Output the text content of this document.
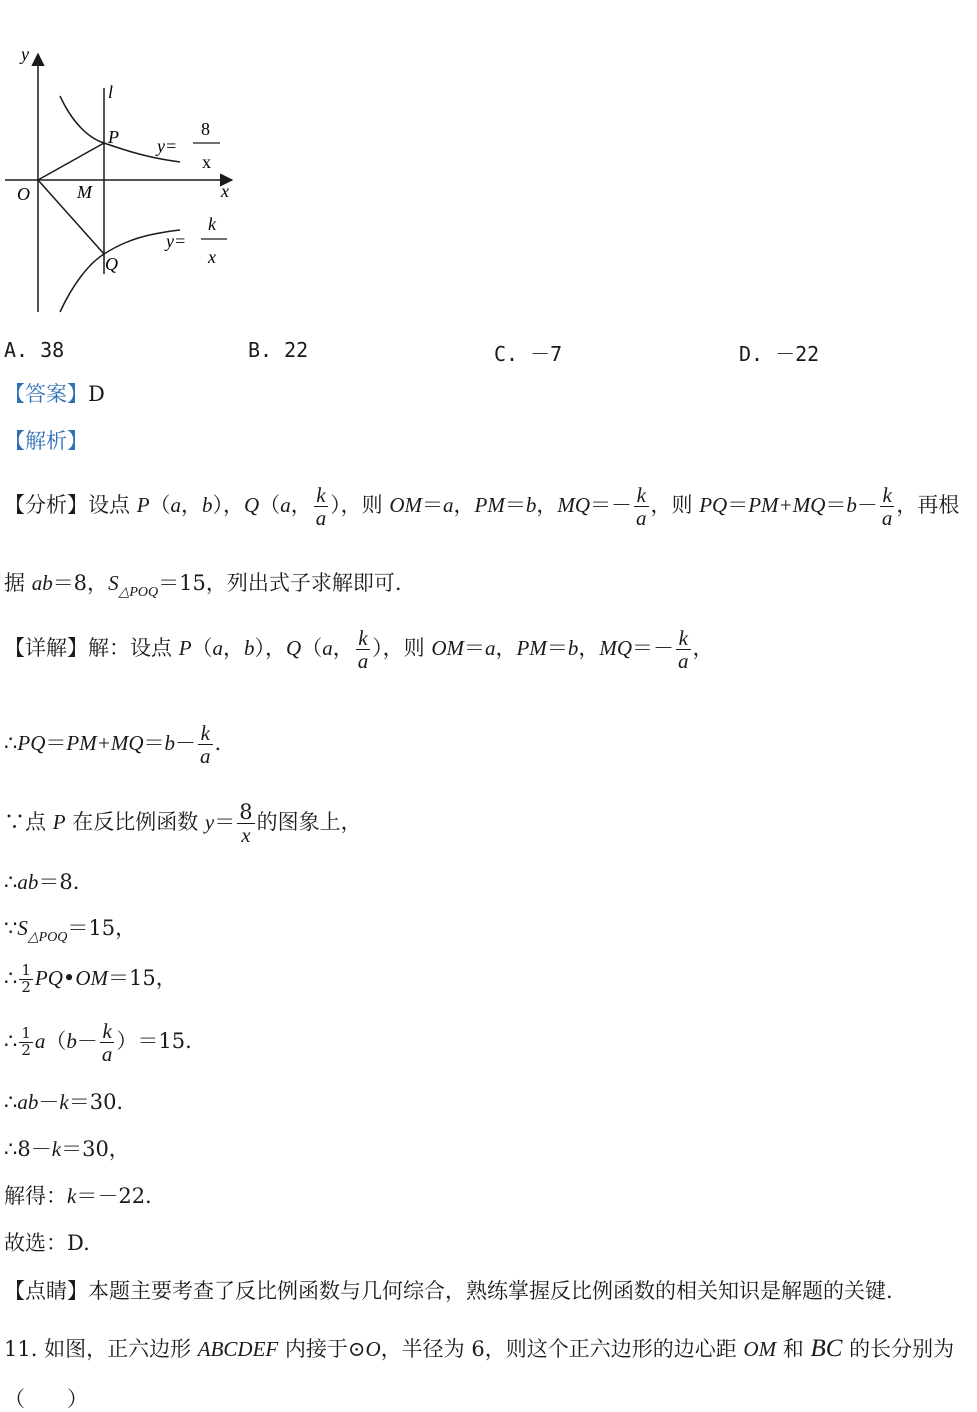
y
x
l
O	M
P
Q
y=
8
x
y=
k
x
A. 38	B. 22	C. －7	D. －22
【答案】D
【解析】
【分析】设点 P（a，b），Q（a， $\frac{k}{a}$ ），则 OM＝a，PM＝b，$MQ=- \frac{k}{a}$ ，则 $PQ=PM+MQ=b- \frac{k}{a}$ ，再根
据 ab＝8，$S_{\triangle POQ}=15$，列出式子求解即可.
【详解】解：设点 P（a，b），Q（a， $\frac{k}{a}$ ），则 OM＝a，PM＝b，$MQ=- \frac{k}{a}$ ，
∴PQ＝PM+MQ＝b－ $\frac{k}{a}$ .
∵点 P 在反比例函数 $y= \frac{8}{x}$ 的图象上，
∴ab＝8.
$\because S_{\triangle POQ}=15$，
∴ $\frac{1}{2}$ PQ•OM＝15，
∴ $\frac{1}{2} a(b- \frac{k}{a} )=15$.
∴ab－k＝30.
∴8－k＝30，
解得：k＝－22.
故选：D.
【点睛】本题主要考查了反比例函数与几何综合，熟练掌握反比例函数的相关知识是解题的关键.
11. 如图，正六边形 ABCDEF 内接于⊙O，半径为 6，则这个正六边形的边心距 OM 和 BC 的长分别为
（　　）
